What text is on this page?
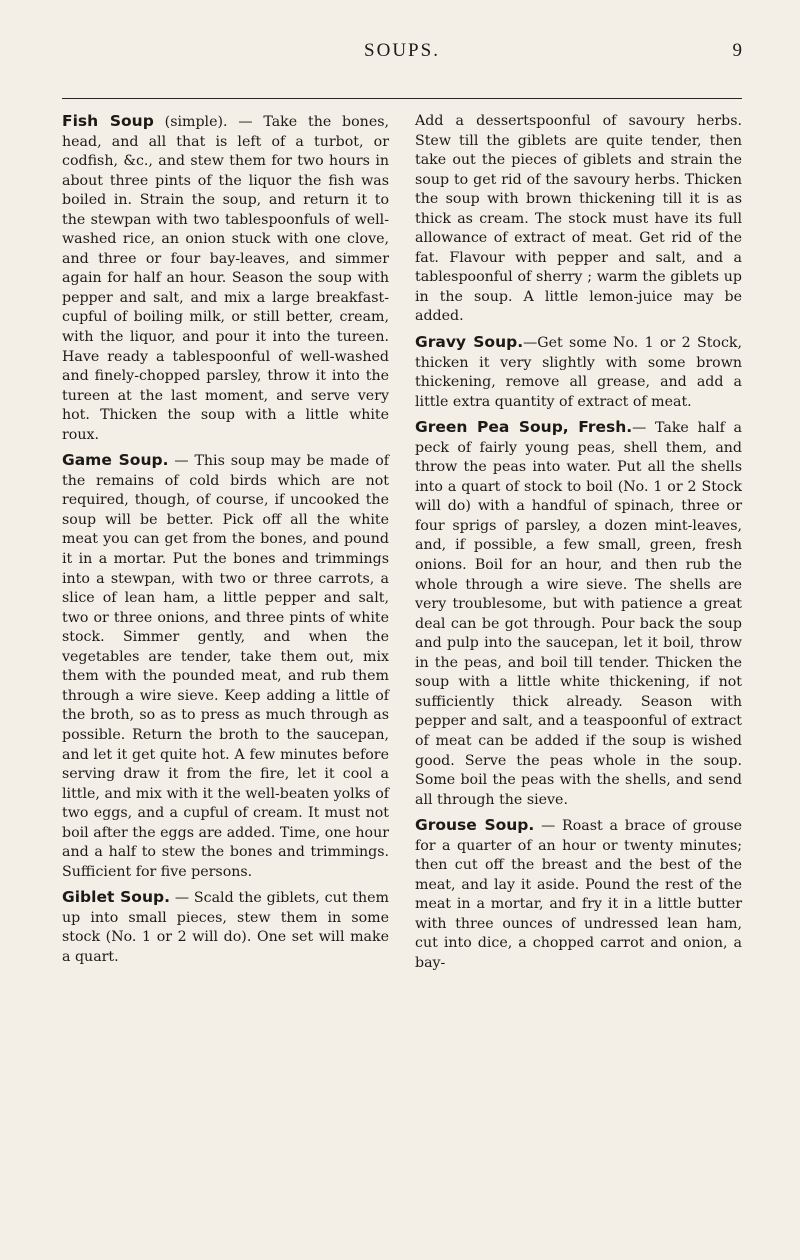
SOUPS.	9

Fish Soup (simple). — Take the bones, head, and all that is left of a turbot, or codfish, &c., and stew them for two hours in about three pints of the liquor the fish was boiled in. Strain the soup, and return it to the stewpan with two tablespoonfuls of well-washed rice, an onion stuck with one clove, and three or four bay-leaves, and simmer again for half an hour. Season the soup with pepper and salt, and mix a large breakfast-cupful of boiling milk, or still better, cream, with the liquor, and pour it into the tureen. Have ready a tablespoonful of well-washed and finely-chopped parsley, throw it into the tureen at the last moment, and serve very hot. Thicken the soup with a little white roux.

Game Soup. — This soup may be made of the remains of cold birds which are not required, though, of course, if uncooked the soup will be better. Pick off all the white meat you can get from the bones, and pound it in a mortar. Put the bones and trimmings into a stewpan, with two or three carrots, a slice of lean ham, a little pepper and salt, two or three onions, and three pints of white stock. Simmer gently, and when the vegetables are tender, take them out, mix them with the pounded meat, and rub them through a wire sieve. Keep adding a little of the broth, so as to press as much through as possible. Return the broth to the saucepan, and let it get quite hot. A few minutes before serving draw it from the fire, let it cool a little, and mix with it the well-beaten yolks of two eggs, and a cupful of cream. It must not boil after the eggs are added. Time, one hour and a half to stew the bones and trimmings. Sufficient for five persons.

Giblet Soup. — Scald the giblets, cut them up into small pieces, stew them in some stock (No. 1 or 2 will do). One set will make a quart.

Add a dessertspoonful of savoury herbs. Stew till the giblets are quite tender, then take out the pieces of giblets and strain the soup to get rid of the savoury herbs. Thicken the soup with brown thickening till it is as thick as cream. The stock must have its full allowance of extract of meat. Get rid of the fat. Flavour with pepper and salt, and a tablespoonful of sherry ; warm the giblets up in the soup. A little lemon-juice may be added.

Gravy Soup.—Get some No. 1 or 2 Stock, thicken it very slightly with some brown thickening, remove all grease, and add a little extra quantity of extract of meat.

Green Pea Soup, Fresh.— Take half a peck of fairly young peas, shell them, and throw the peas into water. Put all the shells into a quart of stock to boil (No. 1 or 2 Stock will do) with a handful of spinach, three or four sprigs of parsley, a dozen mint-leaves, and, if possible, a few small, green, fresh onions. Boil for an hour, and then rub the whole through a wire sieve. The shells are very troublesome, but with patience a great deal can be got through. Pour back the soup and pulp into the saucepan, let it boil, throw in the peas, and boil till tender. Thicken the soup with a little white thickening, if not sufficiently thick already. Season with pepper and salt, and a teaspoonful of extract of meat can be added if the soup is wished good. Serve the peas whole in the soup. Some boil the peas with the shells, and send all through the sieve.

Grouse Soup. — Roast a brace of grouse for a quarter of an hour or twenty minutes; then cut off the breast and the best of the meat, and lay it aside. Pound the rest of the meat in a mortar, and fry it in a little butter with three ounces of undressed lean ham, cut into dice, a chopped carrot and onion, a bay-
